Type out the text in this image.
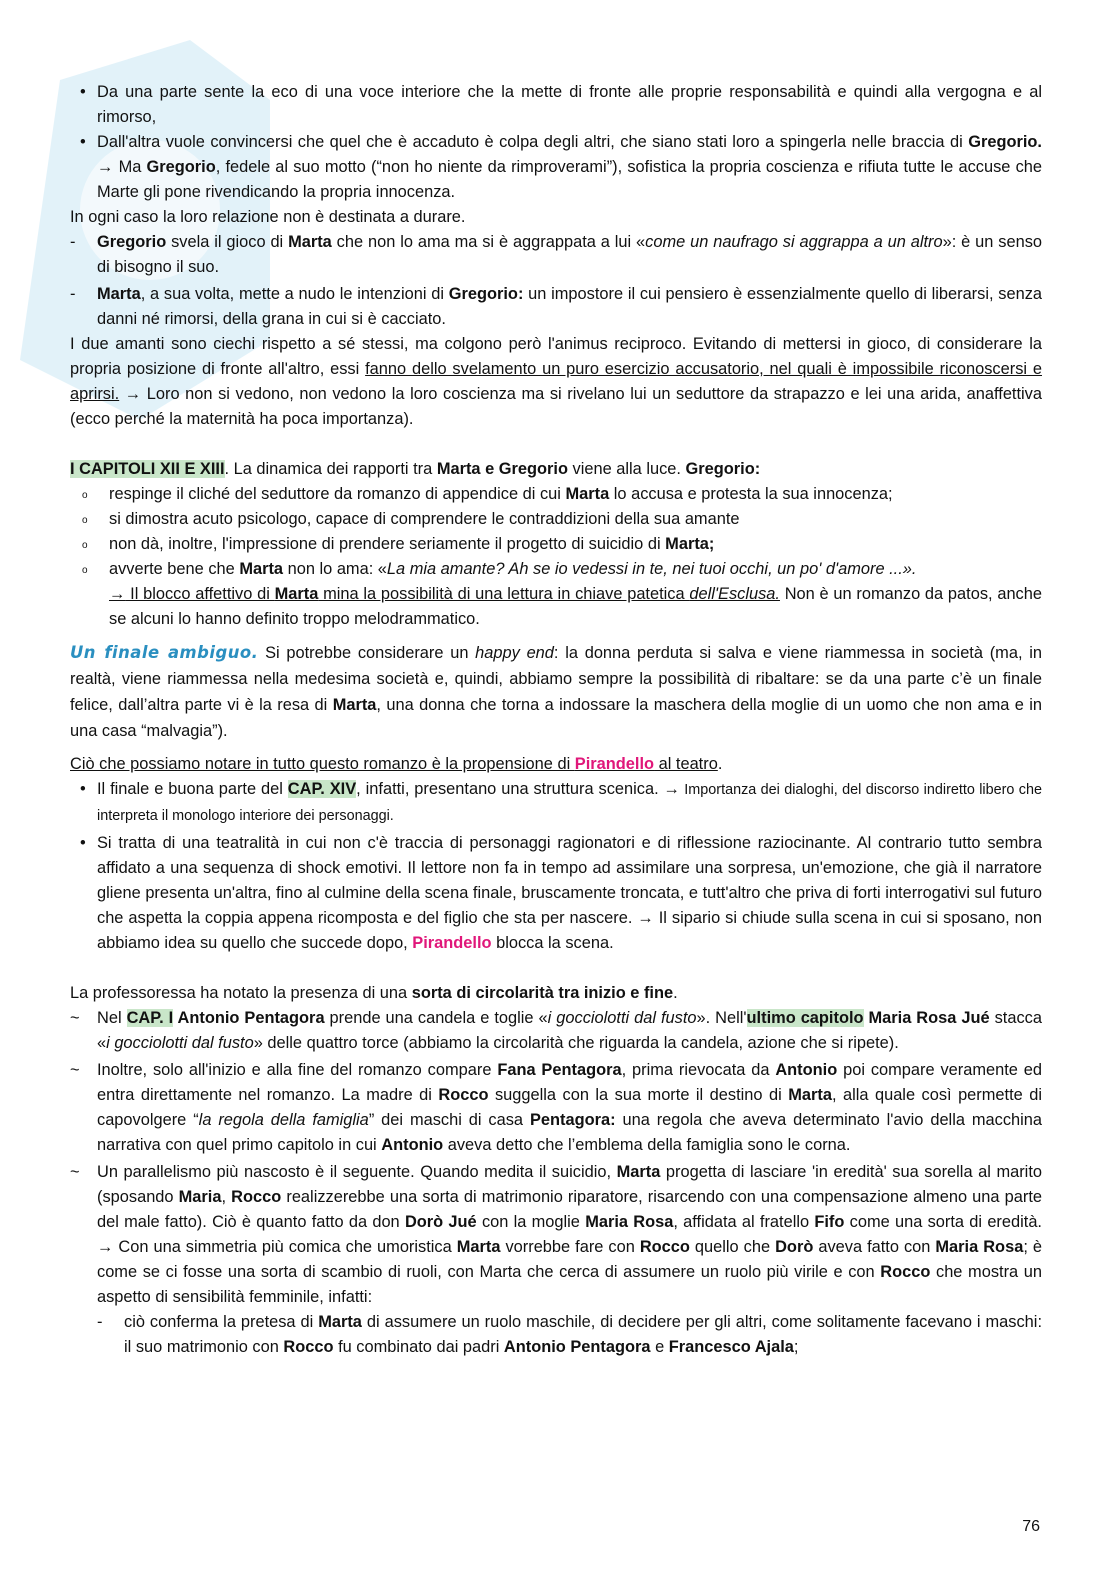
• Da una parte sente la eco di una voce interiore che la mette di fronte alle proprie responsabilità e quindi alla vergogna e al rimorso,
• Dall'altra vuole convincersi che quel che è accaduto è colpa degli altri, che siano stati loro a spingerla nelle braccia di Gregorio. → Ma Gregorio, fedele al suo motto (“non ho niente da rimproverami”), sofistica la propria coscienza e rifiuta tutte le accuse che Marte gli pone rivendicando la propria innocenza.

In ogni caso la loro relazione non è destinata a durare.

- Gregorio svela il gioco di Marta che non lo ama ma si è aggrappata a lui «come un naufrago si aggrappa a un altro»: è un senso di bisogno il suo.
- Marta, a sua volta, mette a nudo le intenzioni di Gregorio: un impostore il cui pensiero è essenzialmente quello di liberarsi, senza danni né rimorsi, della grana in cui si è cacciato.

I due amanti sono ciechi rispetto a sé stessi, ma colgono però l'animus reciproco. Evitando di mettersi in gioco, di considerare la propria posizione di fronte all'altro, essi fanno dello svelamento un puro esercizio accusatorio, nel quali è impossibile riconoscersi e aprirsi. → Loro non si vedono, non vedono la loro coscienza ma si rivelano lui un seduttore da strapazzo e lei una arida, anaffettiva (ecco perché la maternità ha poca importanza).

I CAPITOLI XII E XIII. La dinamica dei rapporti tra Marta e Gregorio viene alla luce. Gregorio:

o respinge il cliché del seduttore da romanzo di appendice di cui Marta lo accusa e protesta la sua innocenza;
o si dimostra acuto psicologo, capace di comprendere le contraddizioni della sua amante
o non dà, inoltre, l'impressione di prendere seriamente il progetto di suicidio di Marta;
o avverte bene che Marta non lo ama: «La mia amante? Ah se io vedessi in te, nei tuoi occhi, un po' d'amore ...».
→ Il blocco affettivo di Marta mina la possibilità di una lettura in chiave patetica dell'Esclusa. Non è un romanzo da patos, anche se alcuni lo hanno definito troppo melodrammatico.

Un finale ambiguo. Si potrebbe considerare un happy end: la donna perduta si salva e viene riammessa in società (ma, in realtà, viene riammessa nella medesima società e, quindi, abbiamo sempre la possibilità di ribaltare: se da una parte c’è un finale felice, dall’altra parte vi è la resa di Marta, una donna che torna a indossare la maschera della moglie di un uomo che non ama e in una casa “malvagia”).

Ciò che possiamo notare in tutto questo romanzo è la propensione di Pirandello al teatro.

• Il finale e buona parte del CAP. XIV, infatti, presentano una struttura scenica. → Importanza dei dialoghi, del discorso indiretto libero che interpreta il monologo interiore dei personaggi.
• Si tratta di una teatralità in cui non c'è traccia di personaggi ragionatori e di riflessione raziocinante. Al contrario tutto sembra affidato a una sequenza di shock emotivi. Il lettore non fa in tempo ad assimilare una sorpresa, un'emozione, che già il narratore gliene presenta un'altra, fino al culmine della scena finale, bruscamente troncata, e tutt'altro che priva di forti interrogativi sul futuro che aspetta la coppia appena ricomposta e del figlio che sta per nascere. → Il sipario si chiude sulla scena in cui si sposano, non abbiamo idea su quello che succede dopo, Pirandello blocca la scena.

La professoressa ha notato la presenza di una sorta di circolarità tra inizio e fine.

~ Nel CAP. I Antonio Pentagora prende una candela e toglie «i gocciolotti dal fusto». Nell'ultimo capitolo Maria Rosa Jué stacca «i gocciolotti dal fusto» delle quattro torce (abbiamo la circolarità che riguarda la candela, azione che si ripete).
~ Inoltre, solo all'inizio e alla fine del romanzo compare Fana Pentagora, prima rievocata da Antonio poi compare veramente ed entra direttamente nel romanzo. La madre di Rocco suggella con la sua morte il destino di Marta, alla quale così permette di capovolgere “la regola della famiglia” dei maschi di casa Pentagora: una regola che aveva determinato l'avio della macchina narrativa con quel primo capitolo in cui Antonio aveva detto che l’emblema della famiglia sono le corna.
~ Un parallelismo più nascosto è il seguente. Quando medita il suicidio, Marta progetta di lasciare 'in eredità' sua sorella al marito (sposando Maria, Rocco realizzerebbe una sorta di matrimonio riparatore, risarcendo con una compensazione almeno una parte del male fatto). Ciò è quanto fatto da don Dorò Jué con la moglie Maria Rosa, affidata al fratello Fifo come una sorta di eredità. → Con una simmetria più comica che umoristica Marta vorrebbe fare con Rocco quello che Dorò aveva fatto con Maria Rosa; è come se ci fosse una sorta di scambio di ruoli, con Marta che cerca di assumere un ruolo più virile e con Rocco che mostra un aspetto di sensibilità femminile, infatti:
- ciò conferma la pretesa di Marta di assumere un ruolo maschile, di decidere per gli altri, come solitamente facevano i maschi: il suo matrimonio con Rocco fu combinato dai padri Antonio Pentagora e Francesco Ajala;
76
